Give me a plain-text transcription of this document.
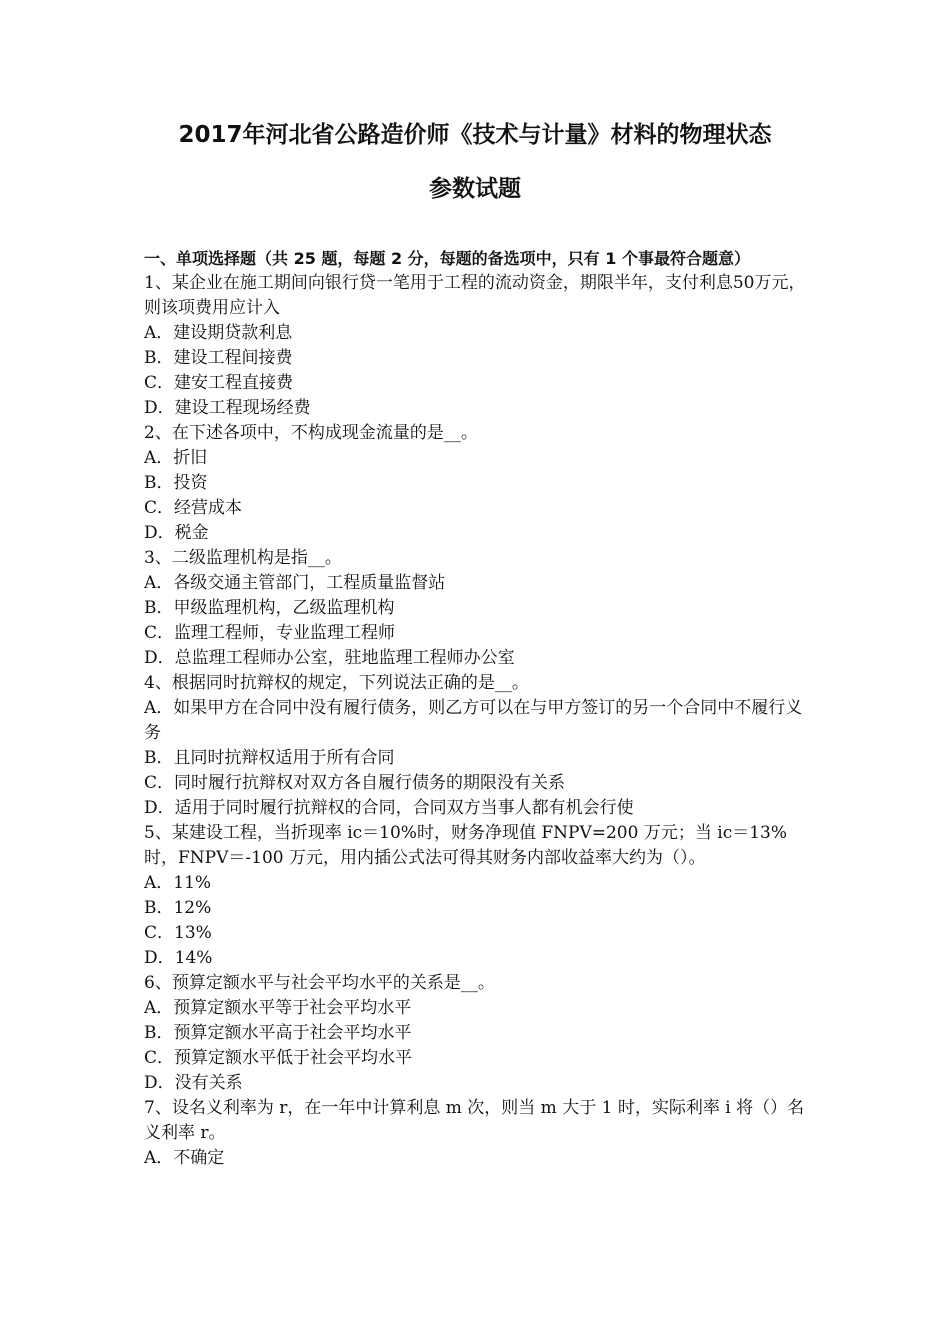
2017年河北省公路造价师《技术与计量》材料的物理状态
参数试题

一、单项选择题（共 25 题，每题 2 分，每题的备选项中，只有 1 个事最符合题意）

1、某企业在施工期间向银行贷一笔用于工程的流动资金，期限半年，支付利息50万元，则该项费用应计入

A．建设期贷款利息

B．建设工程间接费

C．建安工程直接费

D．建设工程现场经费

2、在下述各项中，不构成现金流量的是__。

A．折旧

B．投资

C．经营成本

D．税金

3、二级监理机构是指__。

A．各级交通主管部门，工程质量监督站

B．甲级监理机构，乙级监理机构

C．监理工程师，专业监理工程师

D．总监理工程师办公室，驻地监理工程师办公室

4、根据同时抗辩权的规定，下列说法正确的是__。

A．如果甲方在合同中没有履行债务，则乙方可以在与甲方签订的另一个合同中不履行义务

B．且同时抗辩权适用于所有合同

C．同时履行抗辩权对双方各自履行债务的期限没有关系

D．适用于同时履行抗辩权的合同，合同双方当事人都有机会行使

5、某建设工程，当折现率 ic＝10%时，财务净现值 FNPV=200 万元；当 ic＝13%时，FNPV＝-100 万元，用内插公式法可得其财务内部收益率大约为（）。

A．11%

B．12%

C．13%

D．14%

6、预算定额水平与社会平均水平的关系是__。

A．预算定额水平等于社会平均水平

B．预算定额水平高于社会平均水平

C．预算定额水平低于社会平均水平

D．没有关系

7、设名义利率为 r，在一年中计算利息 m 次，则当 m 大于 1 时，实际利率 i 将（）名义利率 r。

A．不确定
